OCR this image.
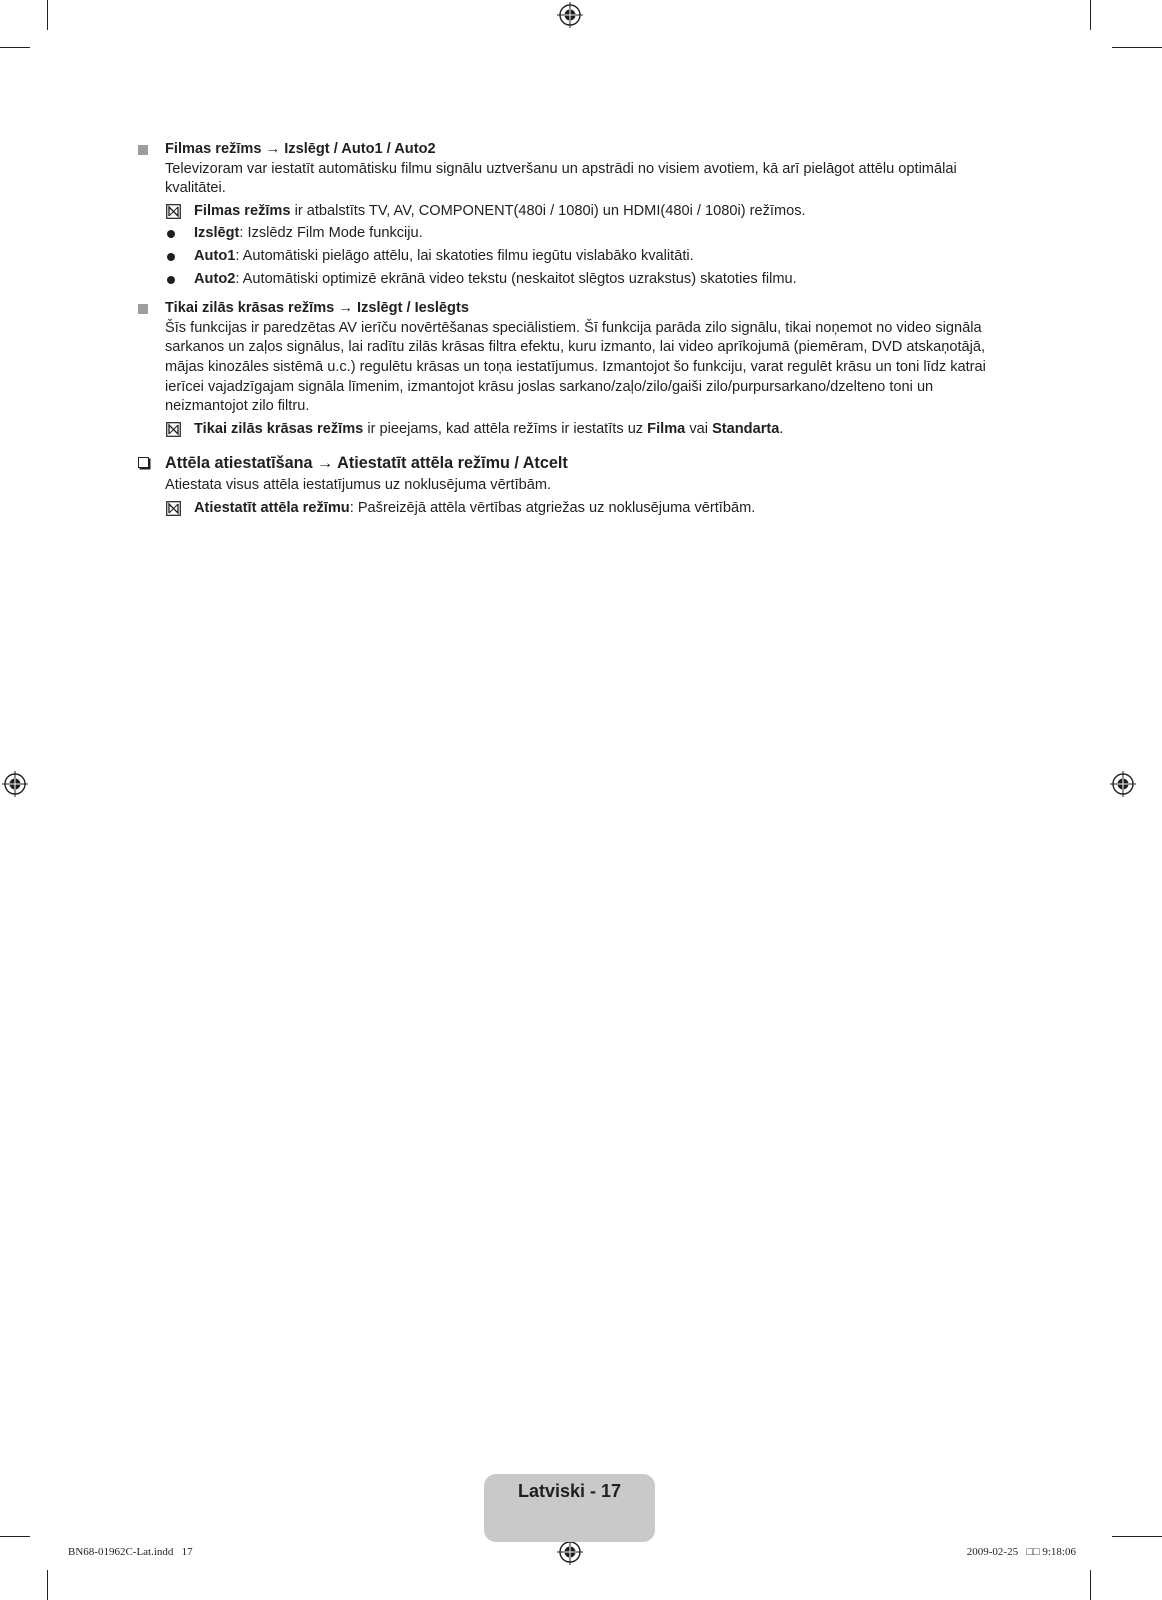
Filmas režīms → Izslēgt / Auto1 / Auto2
Televizoram var iestatīt automātisku filmu signālu uztveršanu un apstrādi no visiem avotiem, kā arī pielāgot attēlu optimālai kvalitātei.
Filmas režīms ir atbalstīts TV, AV, COMPONENT(480i / 1080i) un HDMI(480i / 1080i) režīmos.
Izslēgt: Izslēdz Film Mode funkciju.
Auto1: Automātiski pielāgo attēlu, lai skatoties filmu iegūtu vislabāko kvalitāti.
Auto2: Automātiski optimizē ekrānā video tekstu (neskaitot slēgtos uzrakstus) skatoties filmu.
Tikai zilās krāsas režīms → Izslēgt / Ieslēgts
Šīs funkcijas ir paredzētas AV ierīču novērtēšanas speciālistiem. Šī funkcija parāda zilo signālu, tikai noņemot no video signāla sarkanos un zaļos signālus, lai radītu zilās krāsas filtra efektu, kuru izmanto, lai video aprīkojumā (piemēram, DVD atskaņotājā, mājas kinozāles sistēmā u.c.) regulētu krāsas un toņa iestatījumus. Izmantojot šo funkciju, varat regulēt krāsu un toni līdz katrai ierīcei vajadzīgajam signāla līmenim, izmantojot krāsu joslas sarkano/zaļo/zilo/gaiši zilo/purpursarkano/dzelteno toni un neizmantojot zilo filtru.
Tikai zilās krāsas režīms ir pieejams, kad attēla režīms ir iestatīts uz Filma vai Standarta.
Attēla atiestatīšana → Atiestatīt attēla režīmu / Atcelt
Atiestata visus attēla iestatījumus uz noklusējuma vērtībām.
Atiestatīt attēla režīmu: Pašreizējā attēla vērtības atgriežas uz noklusējuma vērtībām.
Latviski - 17
BN68-01962C-Lat.indd   17	2009-02-25   □□ 9:18:06
